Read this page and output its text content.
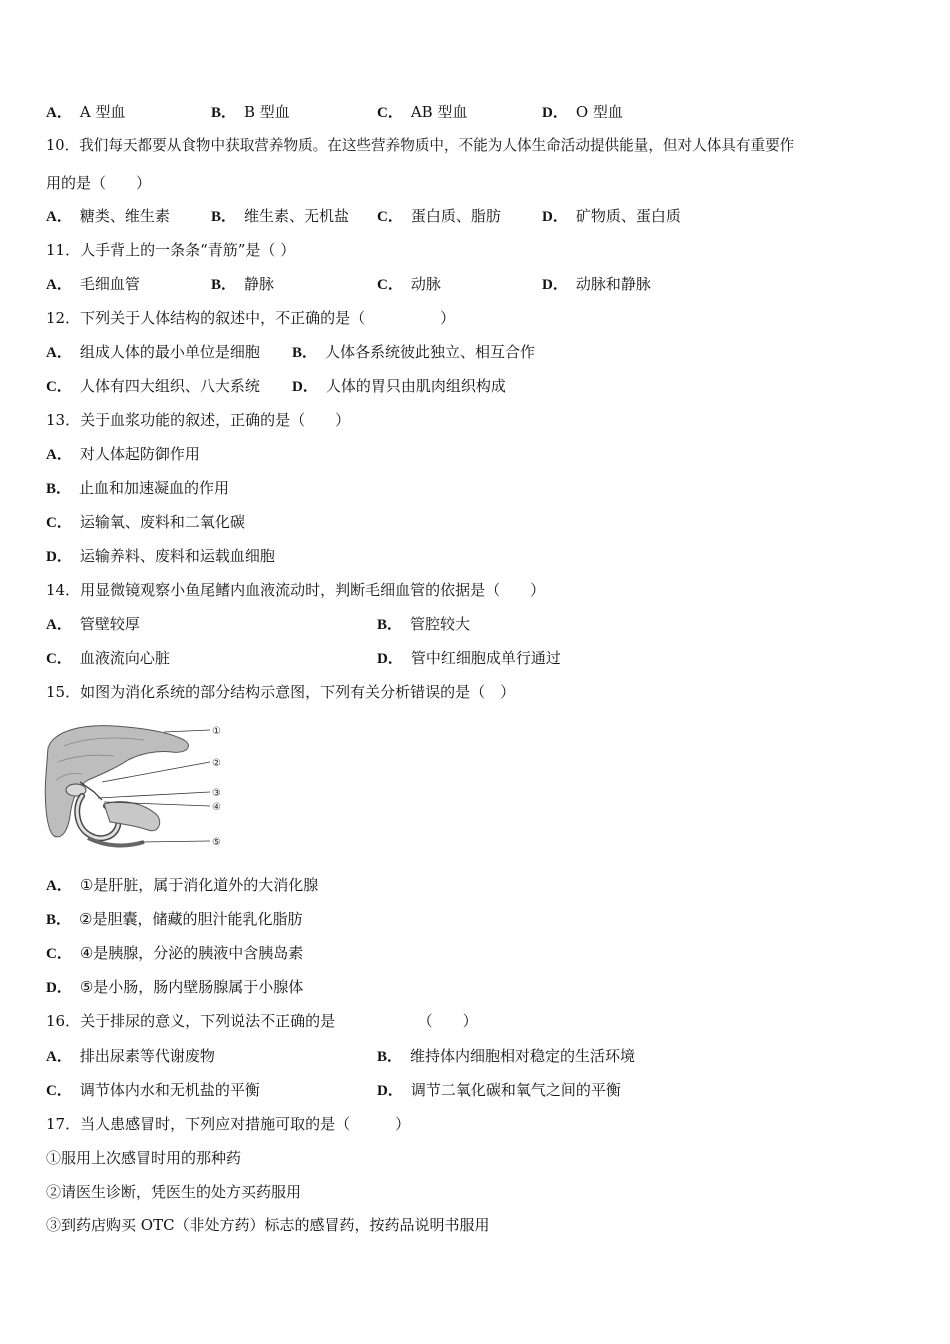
A． A 型血	B． B 型血	C． AB 型血	D． O 型血
10．我们每天都要从食物中获取营养物质。在这些营养物质中，不能为人体生命活动提供能量，但对人体具有重要作
用的是（　　）
A． 糖类、维生素	B． 维生素、无机盐 C． 蛋白质、脂肪	D． 矿物质、蛋白质
11．人手背上的一条条“青筋”是（ ）
A． 毛细血管	B． 静脉	C． 动脉	D． 动脉和静脉
12．下列关于人体结构的叙述中，不正确的是（　　　　　）
A． 组成人体的最小单位是细胞 B． 人体各系统彼此独立、相互合作
C． 人体有四大组织、八大系统 D． 人体的胃只由肌肉组织构成
13．关于血浆功能的叙述，正确的是（　　）
A． 对人体起防御作用
B． 止血和加速凝血的作用
C． 运输氧、废料和二氧化碳
D． 运输养料、废料和运载血细胞
14．用显微镜观察小鱼尾鳍内血液流动时，判断毛细血管的依据是（　　）
A． 管壁较厚	B． 管腔较大
C． 血液流向心脏	D． 管中红细胞成单行通过
15．如图为消化系统的部分结构示意图，下列有关分析错误的是（　）
①
②
③
④
⑤
A． ①是肝脏，属于消化道外的大消化腺
B． ②是胆囊，储藏的胆汁能乳化脂肪
C． ④是胰腺，分泌的胰液中含胰岛素
D． ⑤是小肠，肠内壁肠腺属于小腺体
16．关于排尿的意义，下列说法不正确的是　　　　　　（　　）
A． 排出尿素等代谢废物	B． 维持体内细胞相对稳定的生活环境
C． 调节体内水和无机盐的平衡	D． 调节二氧化碳和氧气之间的平衡
17．当人患感冒时，下列应对措施可取的是（　　　）
①服用上次感冒时用的那种药
②请医生诊断，凭医生的处方买药服用
③到药店购买 OTC（非处方药）标志的感冒药，按药品说明书服用
